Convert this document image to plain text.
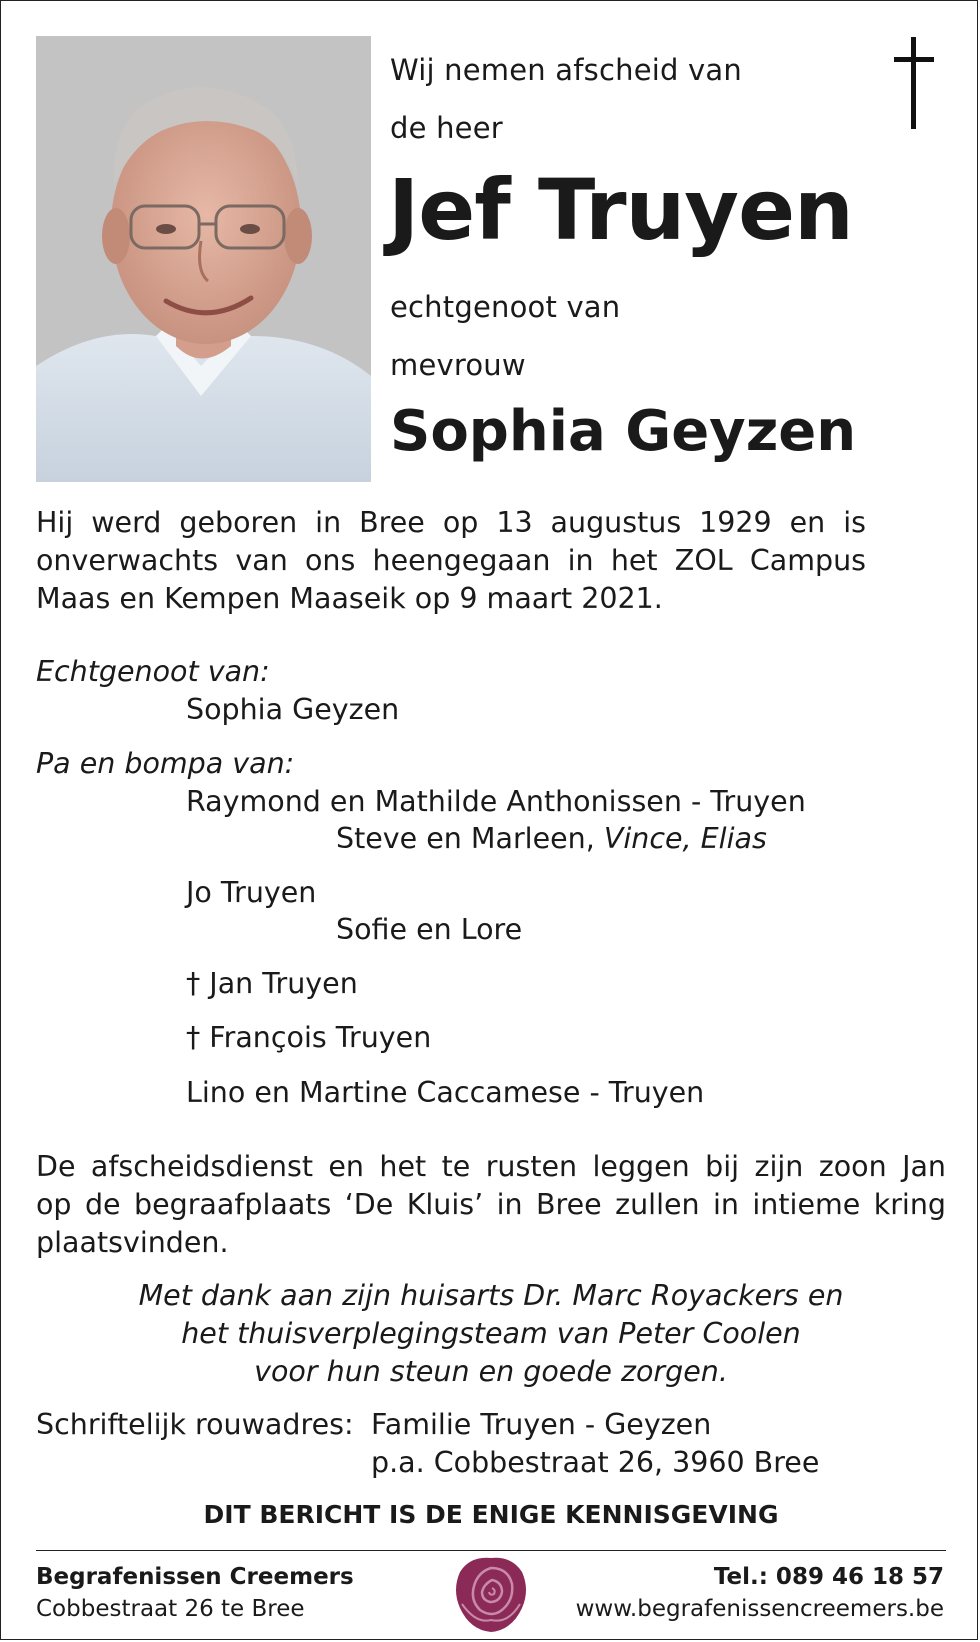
Wij nemen afscheid van
de heer
Jef Truyen
echtgenoot van
mevrouw
Sophia Geyzen
Hij werd geboren in Bree op 13 augustus 1929 en is
onverwachts van ons heengegaan in het ZOL Campus
Maas en Kempen Maaseik op 9 maart 2021.
Echtgenoot van:
Sophia Geyzen
Pa en bompa van:
Raymond en Mathilde Anthonissen - Truyen
Steve en Marleen, Vince, Elias
Jo Truyen
Sofie en Lore
† Jan Truyen
† François Truyen
Lino en Martine Caccamese - Truyen
De afscheidsdienst en het te rusten leggen bij zijn zoon Jan
op de begraafplaats ‘De Kluis’ in Bree zullen in intieme kring
plaatsvinden.
Met dank aan zijn huisarts Dr. Marc Royackers en
het thuisverplegingsteam van Peter Coolen
voor hun steun en goede zorgen.
Schriftelijk rouwadres: Familie Truyen - Geyzen
p.a. Cobbestraat 26, 3960 Bree
DIT BERICHT IS DE ENIGE KENNISGEVING
Begrafenissen Creemers
Cobbestraat 26 te Bree
Tel.: 089 46 18 57
www.begrafenissencreemers.be
